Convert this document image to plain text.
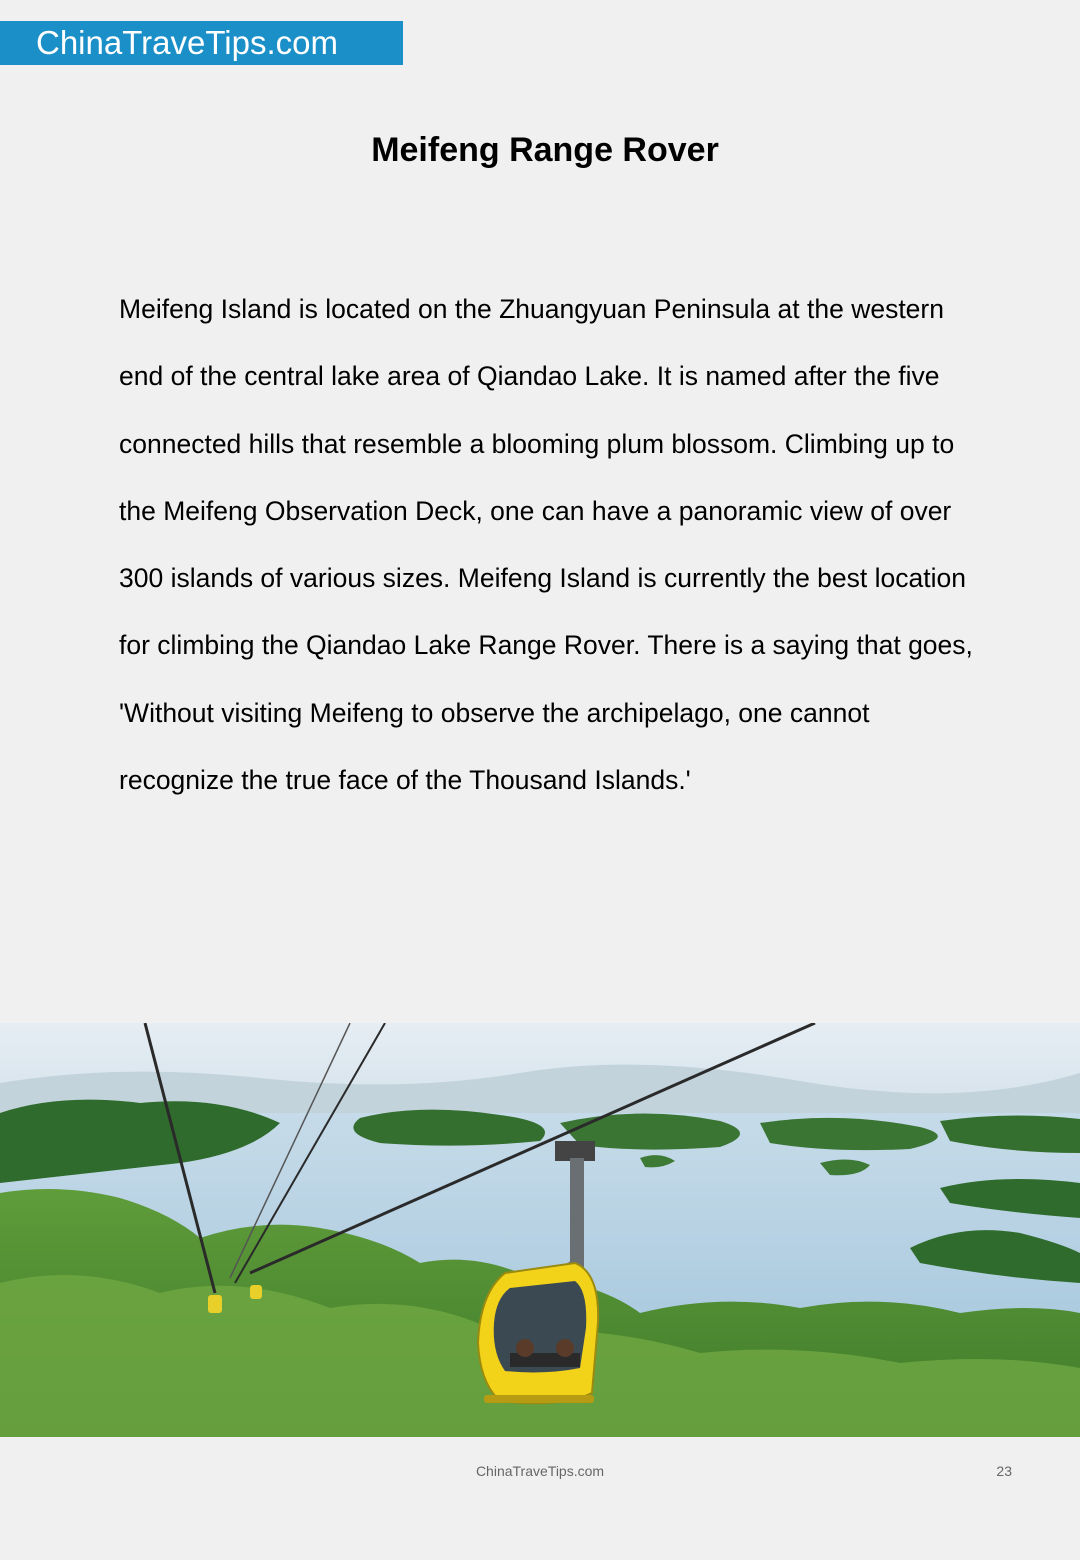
ChinaTraveTips.com
Meifeng Range Rover

Meifeng Island is located on the Zhuangyuan Peninsula at the western end of the central lake area of Qiandao Lake. It is named after the five connected hills that resemble a blooming plum blossom. Climbing up to the Meifeng Observation Deck, one can have a panoramic view of over 300 islands of various sizes. Meifeng Island is currently the best location for climbing the Qiandao Lake Range Rover. There is a saying that goes, 'Without visiting Meifeng to observe the archipelago, one cannot recognize the true face of the Thousand Islands.'

ChinaTraveTips.com	23
